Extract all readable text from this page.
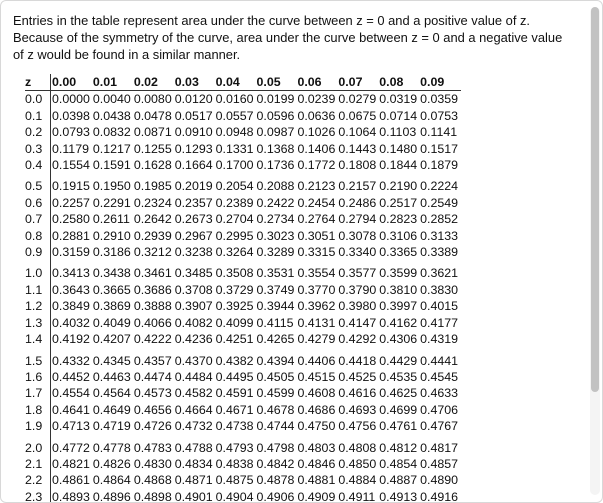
Entries in the table represent area under the curve between z = 0 and a positive value of z. Because of the symmetry of the curve, area under the curve between z = 0 and a negative value of z would be found in a similar manner.

z	0.00	0.01	0.02	0.03	0.04	0.05	0.06	0.07	0.08	0.09
0.0	0.0000	0.0040	0.0080	0.0120	0.0160	0.0199	0.0239	0.0279	0.0319	0.0359
0.1	0.0398	0.0438	0.0478	0.0517	0.0557	0.0596	0.0636	0.0675	0.0714	0.0753
0.2	0.0793	0.0832	0.0871	0.0910	0.0948	0.0987	0.1026	0.1064	0.1103	0.1141
0.3	0.1179	0.1217	0.1255	0.1293	0.1331	0.1368	0.1406	0.1443	0.1480	0.1517
0.4	0.1554	0.1591	0.1628	0.1664	0.1700	0.1736	0.1772	0.1808	0.1844	0.1879
0.5	0.1915	0.1950	0.1985	0.2019	0.2054	0.2088	0.2123	0.2157	0.2190	0.2224
0.6	0.2257	0.2291	0.2324	0.2357	0.2389	0.2422	0.2454	0.2486	0.2517	0.2549
0.7	0.2580	0.2611	0.2642	0.2673	0.2704	0.2734	0.2764	0.2794	0.2823	0.2852
0.8	0.2881	0.2910	0.2939	0.2967	0.2995	0.3023	0.3051	0.3078	0.3106	0.3133
0.9	0.3159	0.3186	0.3212	0.3238	0.3264	0.3289	0.3315	0.3340	0.3365	0.3389
1.0	0.3413	0.3438	0.3461	0.3485	0.3508	0.3531	0.3554	0.3577	0.3599	0.3621
1.1	0.3643	0.3665	0.3686	0.3708	0.3729	0.3749	0.3770	0.3790	0.3810	0.3830
1.2	0.3849	0.3869	0.3888	0.3907	0.3925	0.3944	0.3962	0.3980	0.3997	0.4015
1.3	0.4032	0.4049	0.4066	0.4082	0.4099	0.4115	0.4131	0.4147	0.4162	0.4177
1.4	0.4192	0.4207	0.4222	0.4236	0.4251	0.4265	0.4279	0.4292	0.4306	0.4319
1.5	0.4332	0.4345	0.4357	0.4370	0.4382	0.4394	0.4406	0.4418	0.4429	0.4441
1.6	0.4452	0.4463	0.4474	0.4484	0.4495	0.4505	0.4515	0.4525	0.4535	0.4545
1.7	0.4554	0.4564	0.4573	0.4582	0.4591	0.4599	0.4608	0.4616	0.4625	0.4633
1.8	0.4641	0.4649	0.4656	0.4664	0.4671	0.4678	0.4686	0.4693	0.4699	0.4706
1.9	0.4713	0.4719	0.4726	0.4732	0.4738	0.4744	0.4750	0.4756	0.4761	0.4767
2.0	0.4772	0.4778	0.4783	0.4788	0.4793	0.4798	0.4803	0.4808	0.4812	0.4817
2.1	0.4821	0.4826	0.4830	0.4834	0.4838	0.4842	0.4846	0.4850	0.4854	0.4857
2.2	0.4861	0.4864	0.4868	0.4871	0.4875	0.4878	0.4881	0.4884	0.4887	0.4890
2.3	0.4893	0.4896	0.4898	0.4901	0.4904	0.4906	0.4909	0.4911	0.4913	0.4916
